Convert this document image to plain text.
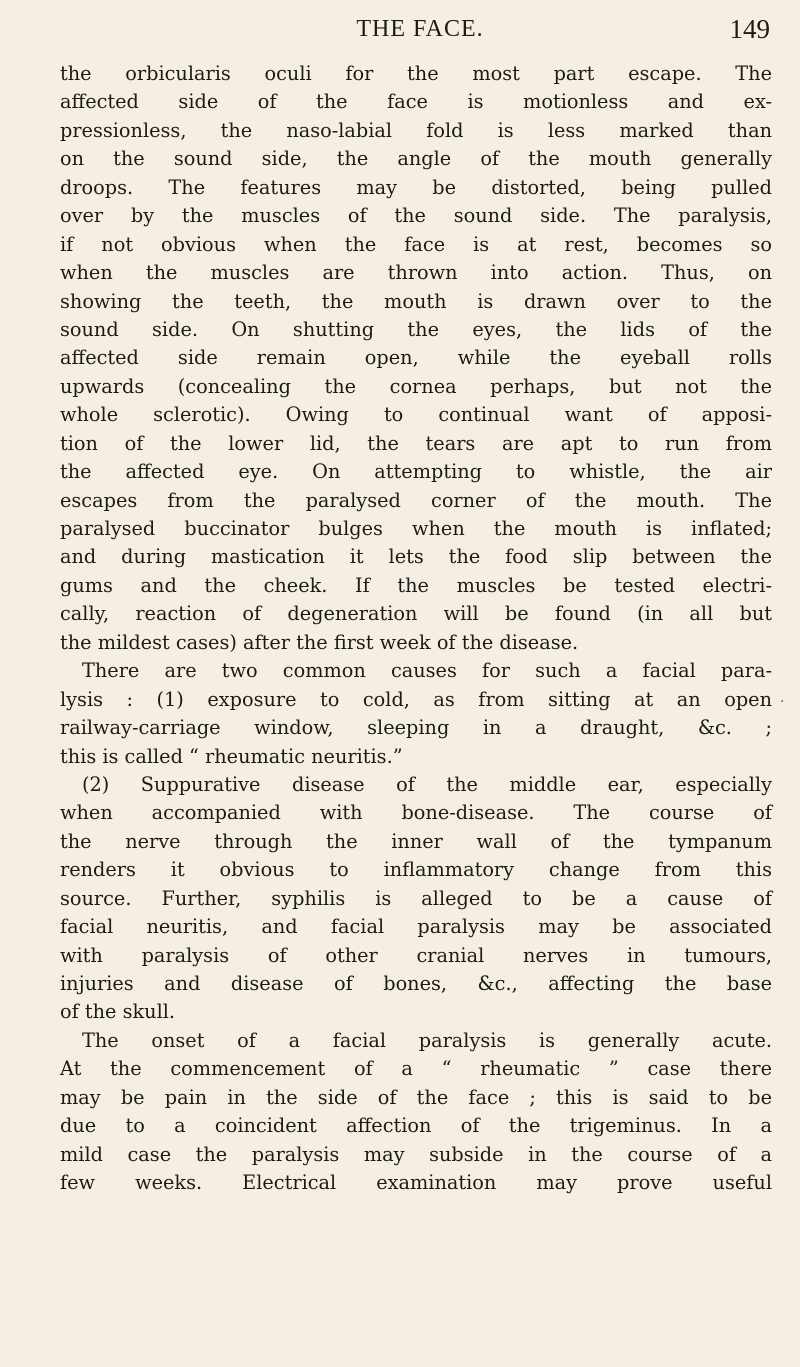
THE FACE.	149
the orbicularis oculi for the most part escape. The
affected side of the face is motionless and ex-
pressionless, the naso-labial fold is less marked than
on the sound side, the angle of the mouth generally
droops. The features may be distorted, being pulled
over by the muscles of the sound side. The paralysis,
if not obvious when the face is at rest, becomes so
when the muscles are thrown into action. Thus, on
showing the teeth, the mouth is drawn over to the
sound side. On shutting the eyes, the lids of the
affected side remain open, while the eyeball rolls
upwards (concealing the cornea perhaps, but not the
whole sclerotic). Owing to continual want of apposi-
tion of the lower lid, the tears are apt to run from
the affected eye. On attempting to whistle, the air
escapes from the paralysed corner of the mouth. The
paralysed buccinator bulges when the mouth is inflated;
and during mastication it lets the food slip between the
gums and the cheek. If the muscles be tested electri-
cally, reaction of degeneration will be found (in all but
the mildest cases) after the first week of the disease.
There are two common causes for such a facial para-
lysis : (1) exposure to cold, as from sitting at an open
railway-carriage window, sleeping in a draught, &c. ;
this is called “ rheumatic neuritis.”
(2) Suppurative disease of the middle ear, especially
when accompanied with bone-disease. The course of
the nerve through the inner wall of the tympanum
renders it obvious to inflammatory change from this
source. Further, syphilis is alleged to be a cause of
facial neuritis, and facial paralysis may be associated
with paralysis of other cranial nerves in tumours,
injuries and disease of bones, &c., affecting the base
of the skull.
The onset of a facial paralysis is generally acute.
At the commencement of a “ rheumatic ” case there
may be pain in the side of the face ; this is said to be
due to a coincident affection of the trigeminus. In a
mild case the paralysis may subside in the course of a
few weeks. Electrical examination may prove useful
.
